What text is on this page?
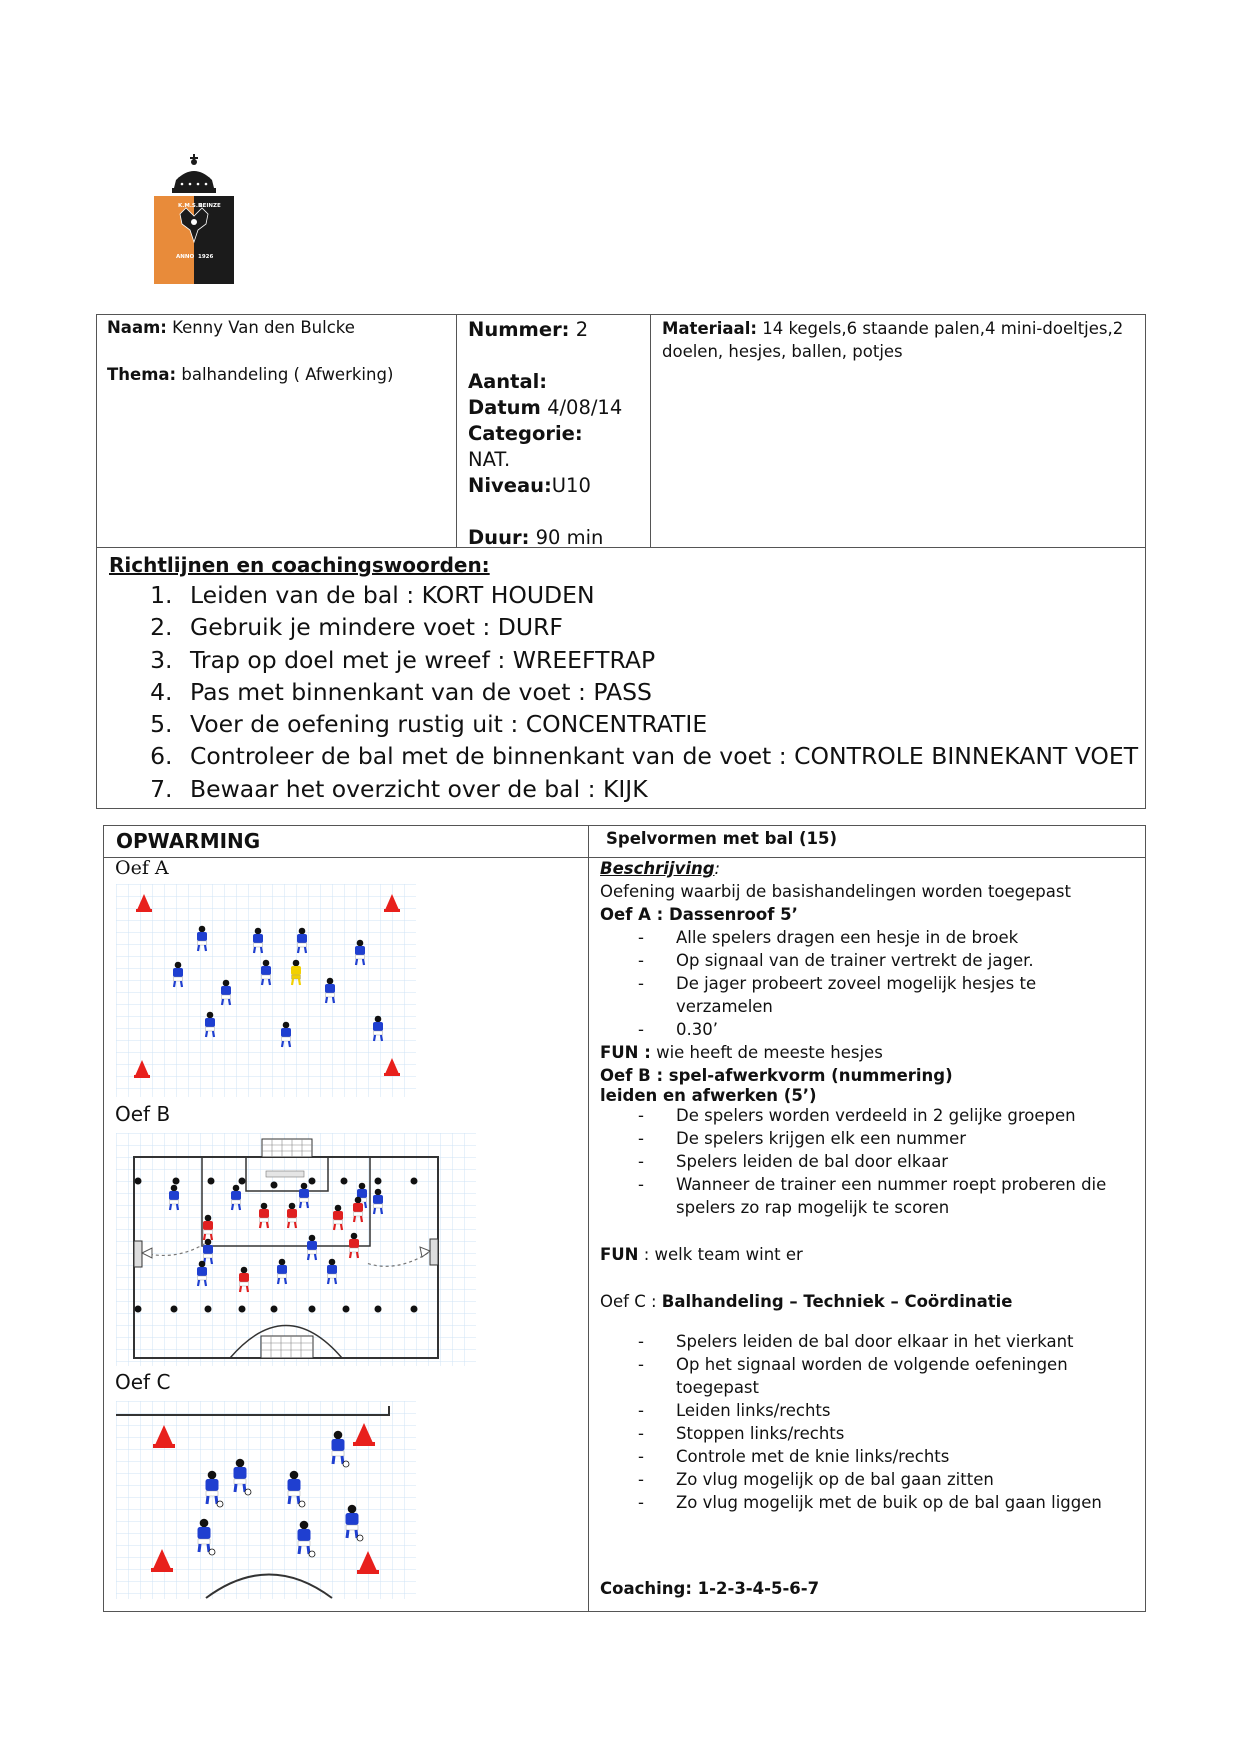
K.M.S.K.
DEINZE
ANNO 1926
Naam: Kenny Van den Bulcke
Thema: balhandeling ( Afwerking)
Nummer: 2
Aantal:
Datum 4/08/14
Categorie:
NAT.
Niveau:U10
Duur: 90 min
Materiaal: 14 kegels,6 staande palen,4 mini-doeltjes,2 doelen, hesjes, ballen, potjes
Richtlijnen en coachingswoorden:
1. Leiden van de bal : KORT HOUDEN
2. Gebruik je mindere voet : DURF
3. Trap op doel met je wreef : WREEFTRAP
4. Pas met binnenkant van de voet : PASS
5. Voer de oefening rustig uit : CONCENTRATIE
6. Controleer de bal met de binnenkant van de voet : CONTROLE BINNEKANT VOET
7. Bewaar het overzicht over de bal : KIJK
OPWARMING	Spelvormen met bal (15)
Oef A
Oef B
Oef C
Beschrijving:
Oefening waarbij de basishandelingen worden toegepast
Oef A : Dassenroof 5’
- Alle spelers dragen een hesje in de broek
- Op signaal van de trainer vertrekt de jager.
- De jager probeert zoveel mogelijk hesjes te
verzamelen
- 0.30’
FUN : wie heeft de meeste hesjes
Oef B : spel-afwerkvorm (nummering)
leiden en afwerken (5’)
- De spelers worden verdeeld in 2 gelijke groepen
- De spelers krijgen elk een nummer
- Spelers leiden de bal door elkaar
- Wanneer de trainer een nummer roept proberen die
spelers zo rap mogelijk te scoren
FUN : welk team wint er
Oef C : Balhandeling – Techniek – Coördinatie
- Spelers leiden de bal door elkaar in het vierkant
- Op het signaal worden de volgende oefeningen
toegepast
- Leiden links/rechts
- Stoppen links/rechts
- Controle met de knie links/rechts
- Zo vlug mogelijk op de bal gaan zitten
- Zo vlug mogelijk met de buik op de bal gaan liggen
Coaching: 1-2-3-4-5-6-7
